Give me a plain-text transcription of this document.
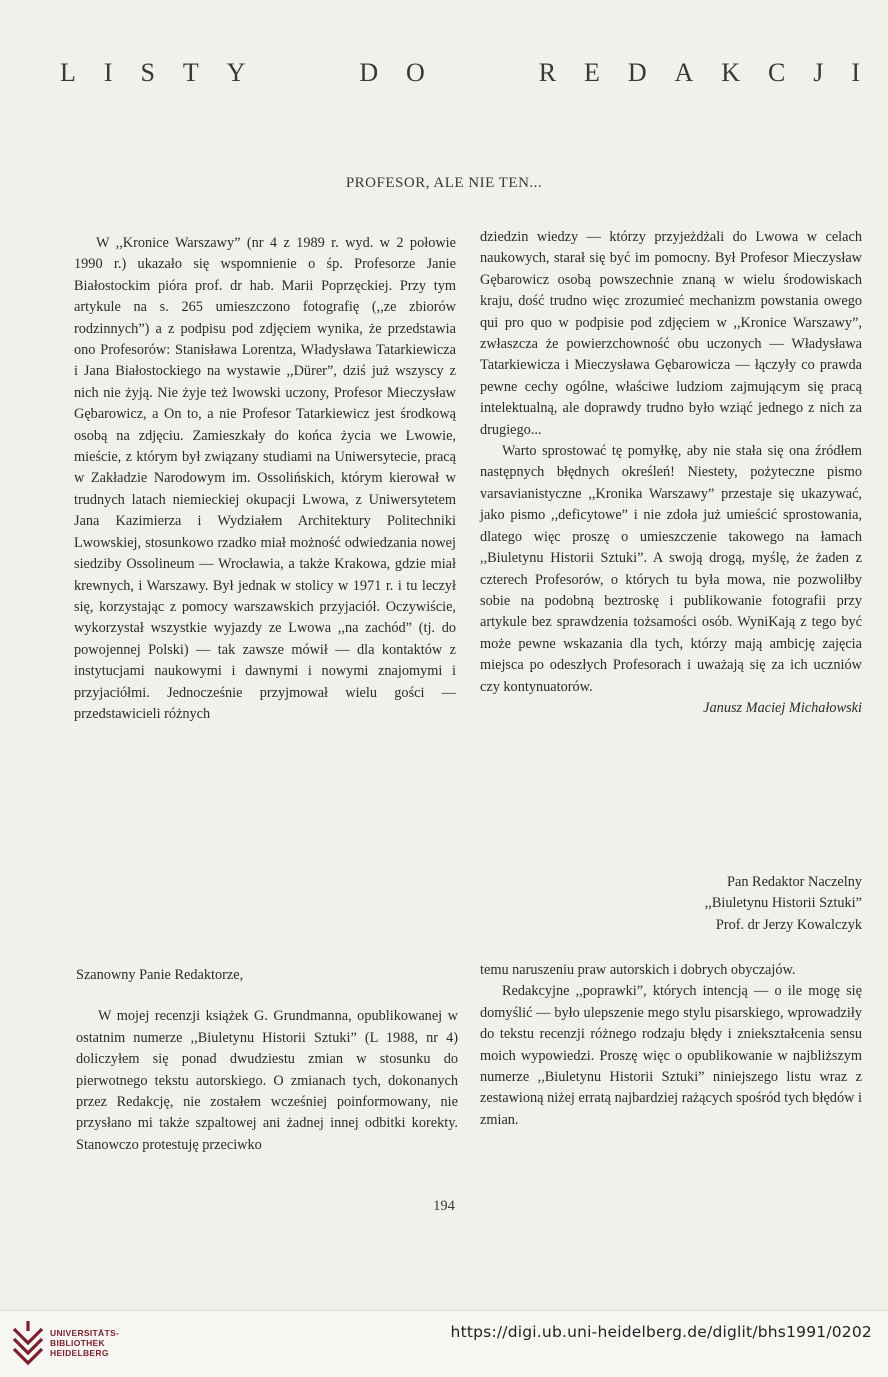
L I S T Y	D O	R E D A K C J I
PROFESOR, ALE NIE TEN...

W ,,Kronice Warszawy” (nr 4 z 1989 r. wyd. w 2 połowie 1990 r.) ukazało się wspomnienie o śp. Profesorze Janie Białostockim pióra prof. dr hab. Marii Poprzęckiej. Przy tym artykule na s. 265 umieszczono fotografię (,,ze zbiorów rodzinnych”) a z podpisu pod zdjęciem wynika, że przedstawia ono Profesorów: Stanisława Lorentza, Władysława Tatarkiewicza i Jana Białostockiego na wystawie ,,Dürer”, dziś już wszyscy z nich nie żyją. Nie żyje też lwowski uczony, Profesor Mieczysław Gębarowicz, a On to, a nie Profesor Tatarkiewicz jest środkową osobą na zdjęciu. Zamieszkały do końca życia we Lwowie, mieście, z którym był związany studiami na Uniwersytecie, pracą w Zakładzie Narodowym im. Ossolińskich, którym kierował w trudnych latach niemieckiej okupacji Lwowa, z Uniwersytetem Jana Kazimierza i Wydziałem Architektury Politechniki Lwowskiej, stosunkowo rzadko miał możność odwiedzania nowej siedziby Ossolineum — Wrocławia, a także Krakowa, gdzie miał krewnych, i Warszawy. Był jednak w stolicy w 1971 r. i tu leczył się, korzystając z pomocy warszawskich przyjaciół. Oczywiście, wykorzystał wszystkie wyjazdy ze Lwowa ,,na zachód” (tj. do powojennej Polski) — tak zawsze mówił — dla kontaktów z instytucjami naukowymi i dawnymi i nowymi znajomymi i przyjaciółmi. Jednocześnie przyjmował wielu gości — przedstawicieli różnych

dziedzin wiedzy — którzy przyjeżdżali do Lwowa w celach naukowych, starał się być im pomocny. Był Profesor Mieczysław Gębarowicz osobą powszechnie znaną w wielu środowiskach kraju, dość trudno więc zrozumieć mechanizm powstania owego qui pro quo w podpisie pod zdjęciem w ,,Kronice Warszawy”, zwłaszcza że powierzchowność obu uczonych — Władysława Tatarkiewicza i Mieczysława Gębarowicza — łączyły co prawda pewne cechy ogólne, właściwe ludziom zajmującym się pracą intelektualną, ale doprawdy trudno było wziąć jednego z nich za drugiego...

Warto sprostować tę pomyłkę, aby nie stała się ona źródłem następnych błędnych określeń! Niestety, pożyteczne pismo varsavianistyczne ,,Kronika Warszawy” przestaje się ukazywać, jako pismo ,,deficytowe” i nie zdoła już umieścić sprostowania, dlatego więc proszę o umieszczenie takowego na łamach ,,Biuletynu Historii Sztuki”. A swoją drogą, myślę, że żaden z czterech Profesorów, o których tu była mowa, nie pozwoliłby sobie na podobną beztroskę i publikowanie fotografii przy artykule bez sprawdzenia tożsamości osób. WyniKają z tego być może pewne wskazania dla tych, którzy mają ambicję zajęcia miejsca po odeszłych Profesorach i uważają się za ich uczniów czy kontynuatorów.

Janusz Maciej Michałowski

Pan Redaktor Naczelny
,,Biuletynu Historii Sztuki”
Prof. dr Jerzy Kowalczyk

Szanowny Panie Redaktorze,

W mojej recenzji książek G. Grundmanna, opublikowanej w ostatnim numerze ,,Biuletynu Historii Sztuki” (L 1988, nr 4) doliczyłem się ponad dwudziestu zmian w stosunku do pierwotnego tekstu autorskiego. O zmianach tych, dokonanych przez Redakcję, nie zostałem wcześniej poinformowany, nie przysłano mi także szpaltowej ani żadnej innej odbitki korekty. Stanowczo protestuję przeciwko

temu naruszeniu praw autorskich i dobrych obyczajów.

Redakcyjne ,,poprawki”, których intencją — o ile mogę się domyślić — było ulepszenie mego stylu pisarskiego, wprowadziły do tekstu recenzji różnego rodzaju błędy i zniekształcenia sensu moich wypowiedzi. Proszę więc o opublikowanie w najbliższym numerze ,,Biuletynu Historii Sztuki” niniejszego listu wraz z zestawioną niżej erratą najbardziej rażących spośród tych błędów i zmian.

194
UNIVERSITÄTS-
BIBLIOTHEK
HEIDELBERG
https://digi.ub.uni-heidelberg.de/diglit/bhs1991/0202
